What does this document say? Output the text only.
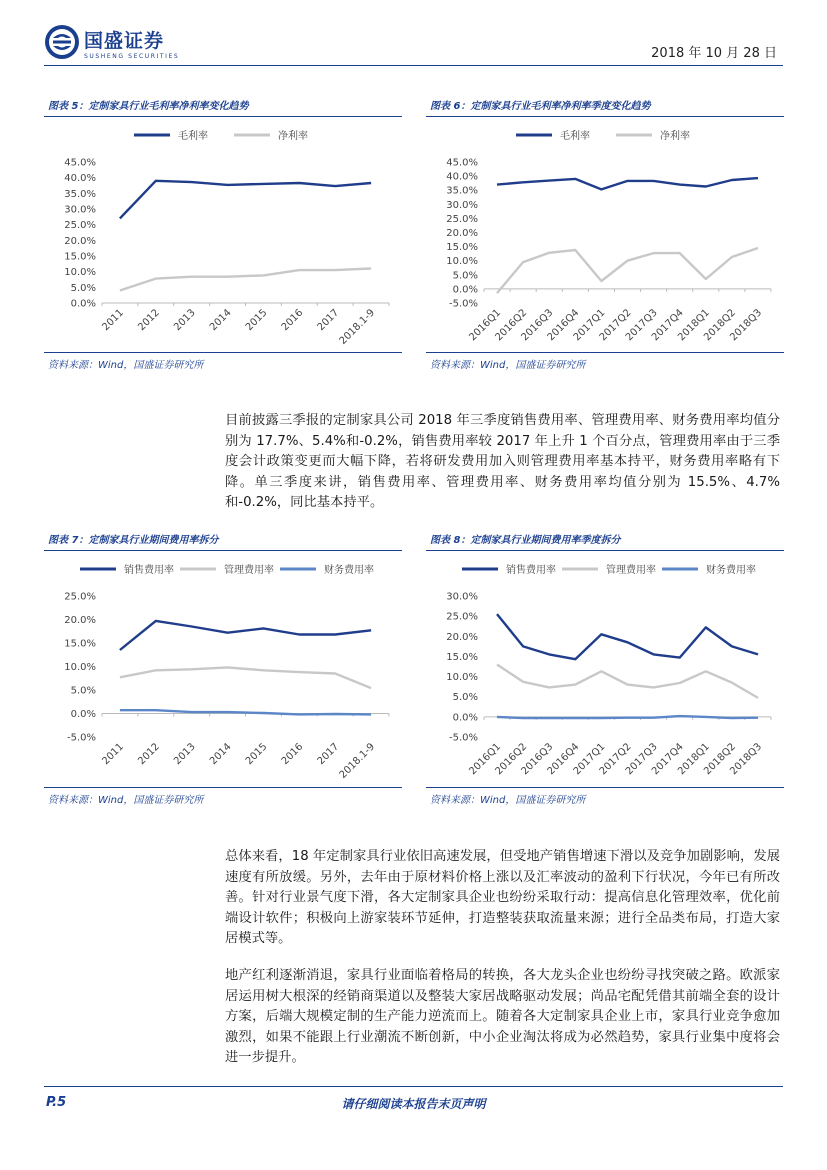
国盛证券
SUSHENG SECURITIES	2018 年 10 月 28 日
图表 5：定制家具行业毛利率净利率变化趋势	图表 6：定制家具行业毛利率净利率季度变化趋势
毛利率	净利率
0.0%
5.0%
10.0%
15.0%
20.0%
25.0%
30.0%
35.0%
40.0%
45.0%
2011 2012 2013 2014 2015 2016 2017
2018.1-9
毛利率	净利率
-5.0%
0.0%
5.0%
10.0%
15.0%
20.0%
25.0%
30.0%
35.0%
40.0%
45.0%
2016Q1
2016Q2
2016Q3
2016Q4
2017Q1
2017Q2
2017Q3
2017Q4
2018Q1
2018Q2
2018Q3
资料来源：Wind，国盛证券研究所	资料来源：Wind，国盛证券研究所
目前披露三季报的定制家具公司 2018 年三季度销售费用率、管理费用率、财务费用率均值分别为 17.7%、5.4%和-0.2%，销售费用率较 2017 年上升 1 个百分点，管理费用率由于三季度会计政策变更而大幅下降，若将研发费用加入则管理费用率基本持平，财务费用率略有下降。单三季度来讲，销售费用率、管理费用率、财务费用率均值分别为 15.5%、4.7%和-0.2%，同比基本持平。
图表 7：定制家具行业期间费用率拆分	图表 8：定制家具行业期间费用率季度拆分
销售费用率	管理费用率	财务费用率
-5.0%
0.0%
5.0%
10.0%
15.0%
20.0%
25.0%
2011 2012 2013 2014 2015 2016 2017
2018.1-9
销售费用率	管理费用率	财务费用率
-5.0%
0.0%
5.0%
10.0%
15.0%
20.0%
25.0%
30.0%
2016Q1
2016Q2
2016Q3
2016Q4
2017Q1
2017Q2
2017Q3
2017Q4
2018Q1
2018Q2
2018Q3
资料来源：Wind，国盛证券研究所	资料来源：Wind，国盛证券研究所
总体来看，18 年定制家具行业依旧高速发展，但受地产销售增速下滑以及竞争加剧影响，发展速度有所放缓。另外，去年由于原材料价格上涨以及汇率波动的盈利下行状况，今年已有所改善。针对行业景气度下滑，各大定制家具企业也纷纷采取行动：提高信息化管理效率，优化前端设计软件；积极向上游家装环节延伸，打造整装获取流量来源；进行全品类布局，打造大家居模式等。
地产红利逐渐消退，家具行业面临着格局的转换，各大龙头企业也纷纷寻找突破之路。欧派家居运用树大根深的经销商渠道以及整装大家居战略驱动发展；尚品宅配凭借其前端全套的设计方案，后端大规模定制的生产能力逆流而上。随着各大定制家具企业上市，家具行业竞争愈加激烈，如果不能跟上行业潮流不断创新，中小企业淘汰将成为必然趋势，家具行业集中度将会进一步提升。
P.5	请仔细阅读本报告末页声明
